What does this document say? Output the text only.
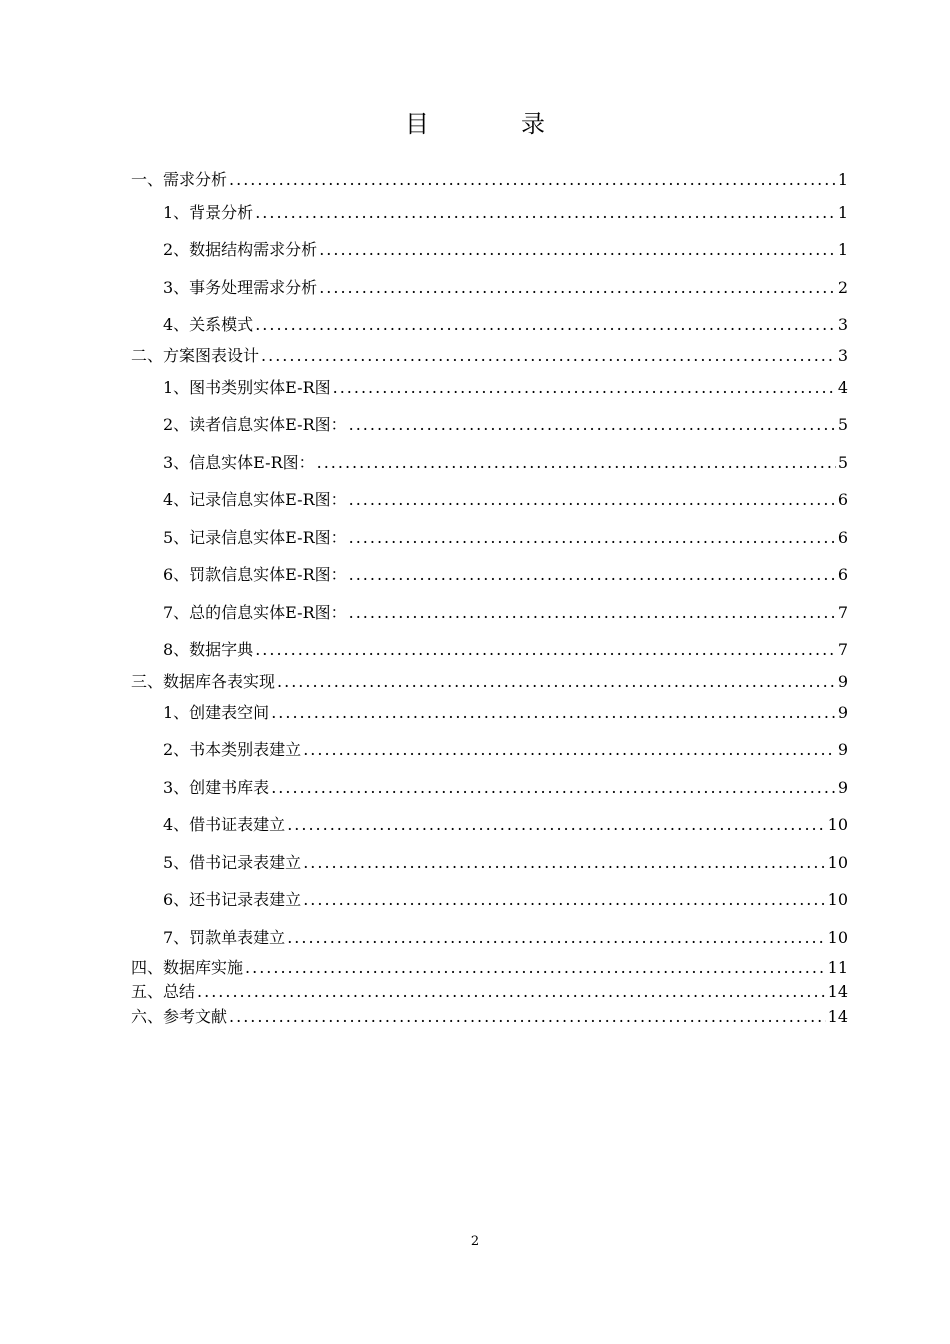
目　录
一、需求分析 .....	1
1、背景分析 .....	1
2、数据结构需求分析 .....	1
3、事务处理需求分析 .....	2
4、关系模式 .....	3
二、方案图表设计 .....	3
1、图书类别实体E-R图 .....	4
2、读者信息实体E-R图： .....	5
3、信息实体E-R图： .....	5
4、记录信息实体E-R图： .....	6
5、记录信息实体E-R图： .....	6
6、罚款信息实体E-R图： .....	6
7、总的信息实体E-R图： .....	7
8、数据字典 .....	7
三、数据库各表实现 .....	9
1、创建表空间 .....	9
2、书本类别表建立 .....	9
3、创建书库表 .....	9
4、借书证表建立 .....	10
5、借书记录表建立 .....	10
6、还书记录表建立 .....	10
7、罚款单表建立 .....	10
四、数据库实施 .....	11
五、总结 .....	14
六、参考文献 .....	14
2
